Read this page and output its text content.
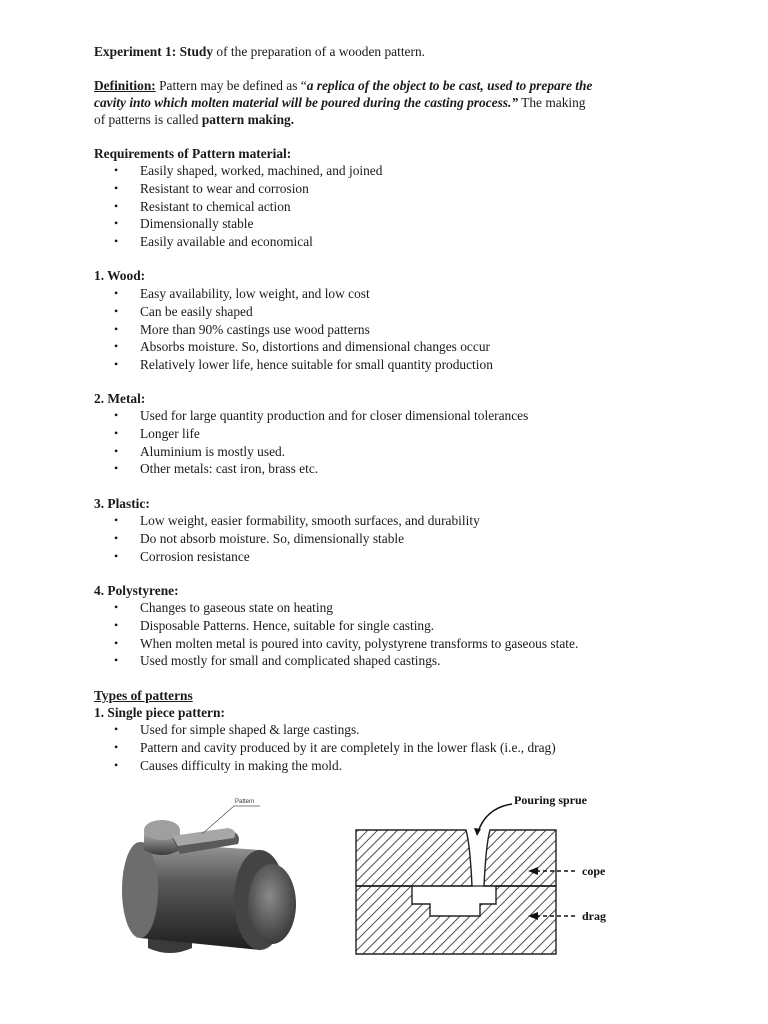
Experiment 1: Study of the preparation of a wooden pattern.
Definition: Pattern may be defined as “a replica of the object to be cast, used to prepare the
cavity into which molten material will be poured during the casting process.” The making
of patterns is called pattern making.
Requirements of Pattern material:
• Easily shaped, worked, machined, and joined
• Resistant to wear and corrosion
• Resistant to chemical action
• Dimensionally stable
• Easily available and economical
1. Wood:
• Easy availability, low weight, and low cost
• Can be easily shaped
• More than 90% castings use wood patterns
• Absorbs moisture. So, distortions and dimensional changes occur
• Relatively lower life, hence suitable for small quantity production
2. Metal:
• Used for large quantity production and for closer dimensional tolerances
• Longer life
• Aluminium is mostly used.
• Other metals: cast iron, brass etc.
3. Plastic:
• Low weight, easier formability, smooth surfaces, and durability
• Do not absorb moisture. So, dimensionally stable
• Corrosion resistance
4. Polystyrene:
• Changes to gaseous state on heating
• Disposable Patterns. Hence, suitable for single casting.
• When molten metal is poured into cavity, polystyrene transforms to gaseous state.
• Used mostly for small and complicated shaped castings.
Types of patterns
1. Single piece pattern:
• Used for simple shaped & large castings.
• Pattern and cavity produced by it are completely in the lower flask (i.e., drag)
• Causes difficulty in making the mold.
Pattern	Pouring sprue
cope
drag
